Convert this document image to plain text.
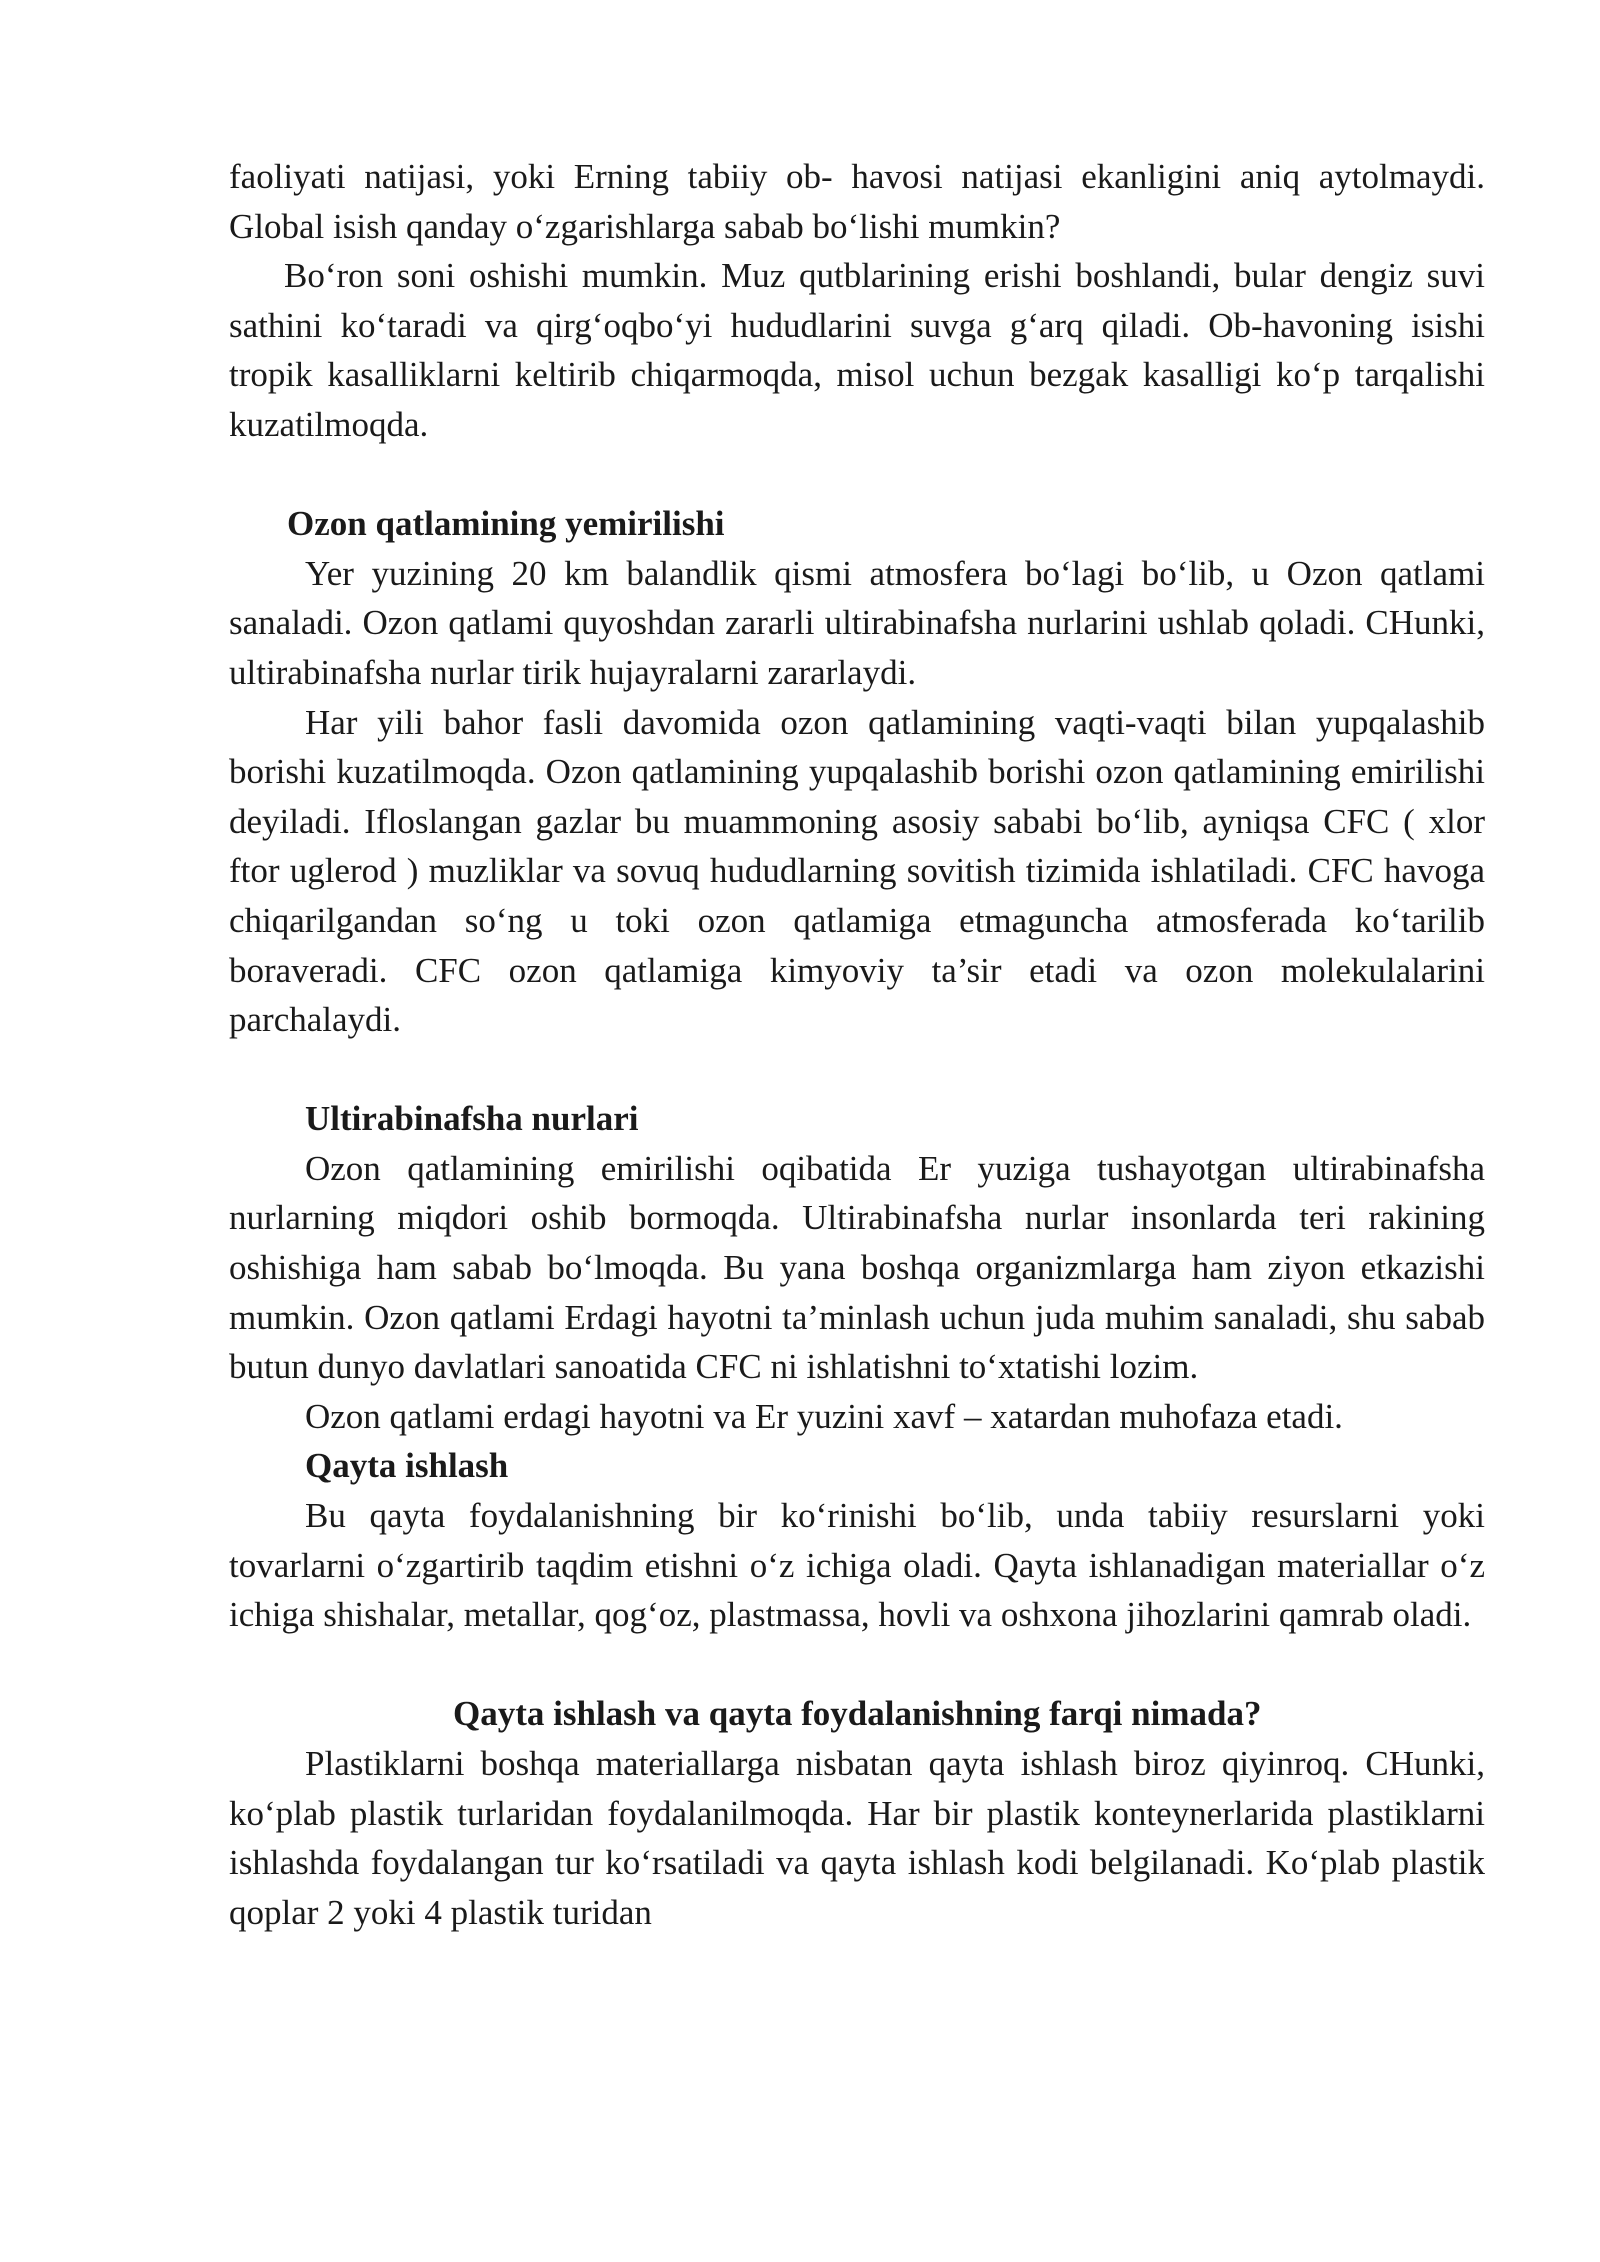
faoliyati natijasi, yoki Erning tabiiy ob- havosi natijasi ekanligini aniq aytolmaydi. Global isish qanday o‘zgarishlarga sabab bo‘lishi mumkin?

Bo‘ron soni oshishi mumkin. Muz qutblarining erishi boshlandi, bular dengiz suvi sathini ko‘taradi va qirg‘oqbo‘yi hududlarini suvga g‘arq qiladi. Ob-havoning isishi tropik kasalliklarni keltirib chiqarmoqda, misol uchun bezgak kasalligi ko‘p tarqalishi kuzatilmoqda.

Ozon qatlamining yemirilishi

Yer yuzining 20 km balandlik qismi atmosfera bo‘lagi bo‘lib, u Ozon qatlami sanaladi. Ozon qatlami quyoshdan zararli ultirabinafsha nurlarini ushlab qoladi. CHunki, ultirabinafsha nurlar tirik hujayralarni zararlaydi.

Har yili bahor fasli davomida ozon qatlamining vaqti-vaqti bilan yupqalashib borishi kuzatilmoqda. Ozon qatlamining yupqalashib borishi ozon qatlamining emirilishi deyiladi. Ifloslangan gazlar bu muammoning asosiy sababi bo‘lib, ayniqsa CFC ( xlor ftor uglerod ) muzliklar va sovuq hududlarning sovitish tizimida ishlatiladi. CFC havoga chiqarilgandan so‘ng u toki ozon qatlamiga etmaguncha atmosferada ko‘tarilib boraveradi. CFC ozon qatlamiga kimyoviy ta’sir etadi va ozon molekulalarini parchalaydi.

Ultirabinafsha nurlari

Ozon qatlamining emirilishi oqibatida Er yuziga tushayotgan ultirabinafsha nurlarning miqdori oshib bormoqda. Ultirabinafsha nurlar insonlarda teri rakining oshishiga ham sabab bo‘lmoqda. Bu yana boshqa organizmlarga ham ziyon etkazishi mumkin. Ozon qatlami Erdagi hayotni ta’minlash uchun juda muhim sanaladi, shu sabab butun dunyo davlatlari sanoatida CFC ni ishlatishni to‘xtatishi lozim.

Ozon qatlami erdagi hayotni va Er yuzini xavf – xatardan muhofaza etadi.

Qayta ishlash

Bu qayta foydalanishning bir ko‘rinishi bo‘lib, unda tabiiy resurslarni yoki tovarlarni o‘zgartirib taqdim etishni o‘z ichiga oladi. Qayta ishlanadigan materiallar o‘z ichiga shishalar, metallar, qog‘oz, plastmassa, hovli va oshxona jihozlarini qamrab oladi.

Qayta ishlash va qayta foydalanishning farqi nimada?

Plastiklarni boshqa materiallarga nisbatan qayta ishlash biroz qiyinroq. CHunki, ko‘plab plastik turlaridan foydalanilmoqda. Har bir plastik konteynerlarida plastiklarni ishlashda foydalangan tur ko‘rsatiladi va qayta ishlash kodi belgilanadi. Ko‘plab plastik qoplar 2 yoki 4 plastik turidan
